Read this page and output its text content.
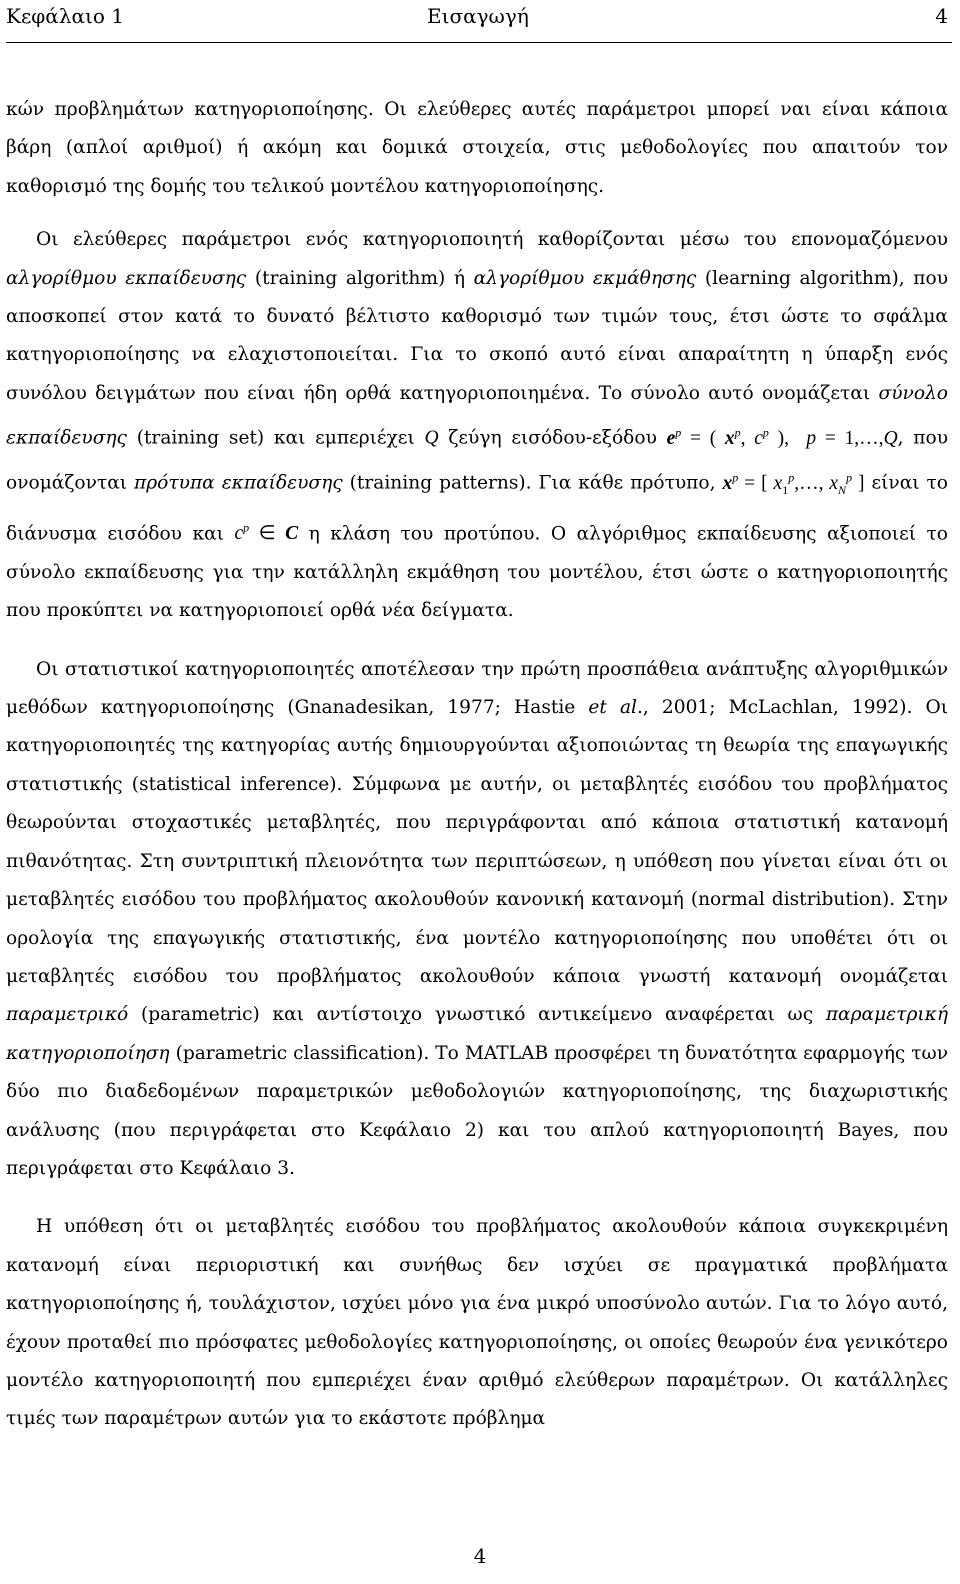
Κεφάλαιο 1	Εισαγωγή	4

κών προβλημάτων κατηγοριοποίησης. Οι ελεύθερες αυτές παράμετροι μπορεί ναι είναι κάποια βάρη (απλοί αριθμοί) ή ακόμη και δομικά στοιχεία, στις μεθοδολογίες που απαιτούν τον καθορισμό της δομής του τελικού μοντέλου κατηγοριοποίησης.

Οι ελεύθερες παράμετροι ενός κατηγοριοποιητή καθορίζονται μέσω του επονομαζόμενου αλγορίθμου εκπαίδευσης (training algorithm) ή αλγορίθμου εκμάθησης (learning algorithm), που αποσκοπεί στον κατά το δυνατό βέλτιστο καθορισμό των τιμών τους, έτσι ώστε το σφάλμα κατηγοριοποίησης να ελαχιστοποιείται. Για το σκοπό αυτό είναι απαραίτητη η ύπαρξη ενός συνόλου δειγμάτων που είναι ήδη ορθά κατηγοριοποιημένα. Το σύνολο αυτό ονομάζεται σύνολο εκπαίδευσης (training set) και εμπεριέχει Q ζεύγη εισόδου-εξόδου $e^p$ = ( $x^p$, $c^p$ ),  p = 1,…,Q, που ονομάζονται πρότυπα εκπαίδευσης (training patterns). Για κάθε πρότυπο, $x^p$ = [ $x_1^p,\dots$, $x_N^p$ ] είναι το διάνυσμα εισόδου και $c^p$ ∈ C η κλάση του προτύπου. Ο αλγόριθμος εκπαίδευσης αξιοποιεί το σύνολο εκπαίδευσης για την κατάλληλη εκμάθηση του μοντέλου, έτσι ώστε ο κατηγοριοποιητής που προκύπτει να κατηγοριοποιεί ορθά νέα δείγματα.

Οι στατιστικοί κατηγοριοποιητές αποτέλεσαν την πρώτη προσπάθεια ανάπτυξης αλγοριθμικών μεθόδων κατηγοριοποίησης (Gnanadesikan, 1977; Hastie et al., 2001; McLachlan, 1992). Οι κατηγοριοποιητές της κατηγορίας αυτής δημιουργούνται αξιοποιώντας τη θεωρία της επαγωγικής στατιστικής (statistical inference). Σύμφωνα με αυτήν, οι μεταβλητές εισόδου του προβλήματος θεωρούνται στοχαστικές μεταβλητές, που περιγράφονται από κάποια στατιστική κατανομή πιθανότητας. Στη συντριπτική πλειονότητα των περιπτώσεων, η υπόθεση που γίνεται είναι ότι οι μεταβλητές εισόδου του προβλήματος ακολουθούν κανονική κατανομή (normal distribution). Στην ορολογία της επαγωγικής στατιστικής, ένα μοντέλο κατηγοριοποίησης που υποθέτει ότι οι μεταβλητές εισόδου του προβλήματος ακολουθούν κάποια γνωστή κατανομή ονομάζεται παραμετρικό (parametric) και αντίστοιχο γνωστικό αντικείμενο αναφέρεται ως παραμετρική κατηγοριοποίηση (parametric classification). Το MATLAB προσφέρει τη δυνατότητα εφαρμογής των δύο πιο διαδεδομένων παραμετρικών μεθοδολογιών κατηγοριοποίησης, της διαχωριστικής ανάλυσης (που περιγράφεται στο Κεφάλαιο 2) και του απλού κατηγοριοποιητή Bayes, που περιγράφεται στο Κεφάλαιο 3.

Η υπόθεση ότι οι μεταβλητές εισόδου του προβλήματος ακολουθούν κάποια συγκεκριμένη κατανομή είναι περιοριστική και συνήθως δεν ισχύει σε πραγματικά προβλήματα κατηγοριοποίησης ή, τουλάχιστον, ισχύει μόνο για ένα μικρό υποσύνολο αυτών. Για το λόγο αυτό, έχουν προταθεί πιο πρόσφατες μεθοδολογίες κατηγοριοποίησης, οι οποίες θεωρούν ένα γενικότερο μοντέλο κατηγοριοποιητή που εμπεριέχει έναν αριθμό ελεύθερων παραμέτρων. Οι κατάλληλες τιμές των παραμέτρων αυτών για το εκάστοτε πρόβλημα

4
